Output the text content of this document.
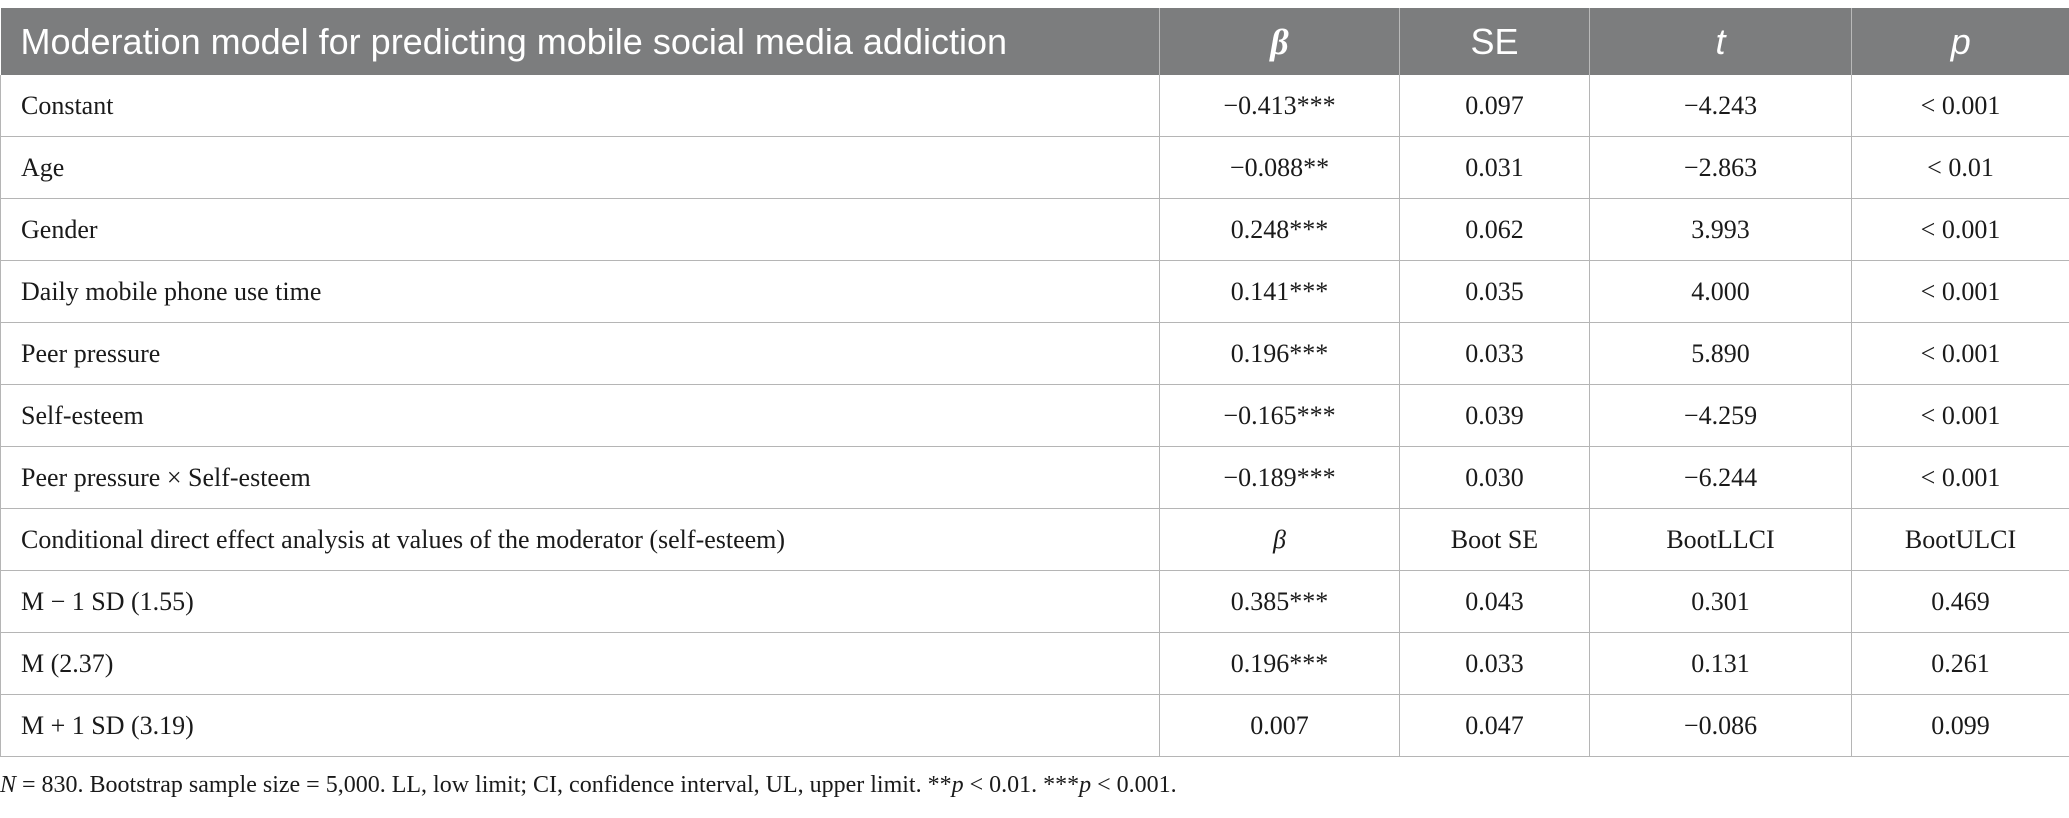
Moderation model for predicting mobile social media addiction	β	SE	t	p
Constant	−0.413***	0.097	−4.243	< 0.001
Age	−0.088**	0.031	−2.863	< 0.01
Gender	0.248***	0.062	3.993	< 0.001
Daily mobile phone use time	0.141***	0.035	4.000	< 0.001
Peer pressure	0.196***	0.033	5.890	< 0.001
Self-esteem	−0.165***	0.039	−4.259	< 0.001
Peer pressure × Self-esteem	−0.189***	0.030	−6.244	< 0.001
Conditional direct effect analysis at values of the moderator (self-esteem)	β	Boot SE	BootLLCI	BootULCI
M − 1 SD (1.55)	0.385***	0.043	0.301	0.469
M (2.37)	0.196***	0.033	0.131	0.261
M + 1 SD (3.19)	0.007	0.047	−0.086	0.099
N = 830. Bootstrap sample size = 5,000. LL, low limit; CI, confidence interval, UL, upper limit. **p < 0.01. ***p < 0.001.
